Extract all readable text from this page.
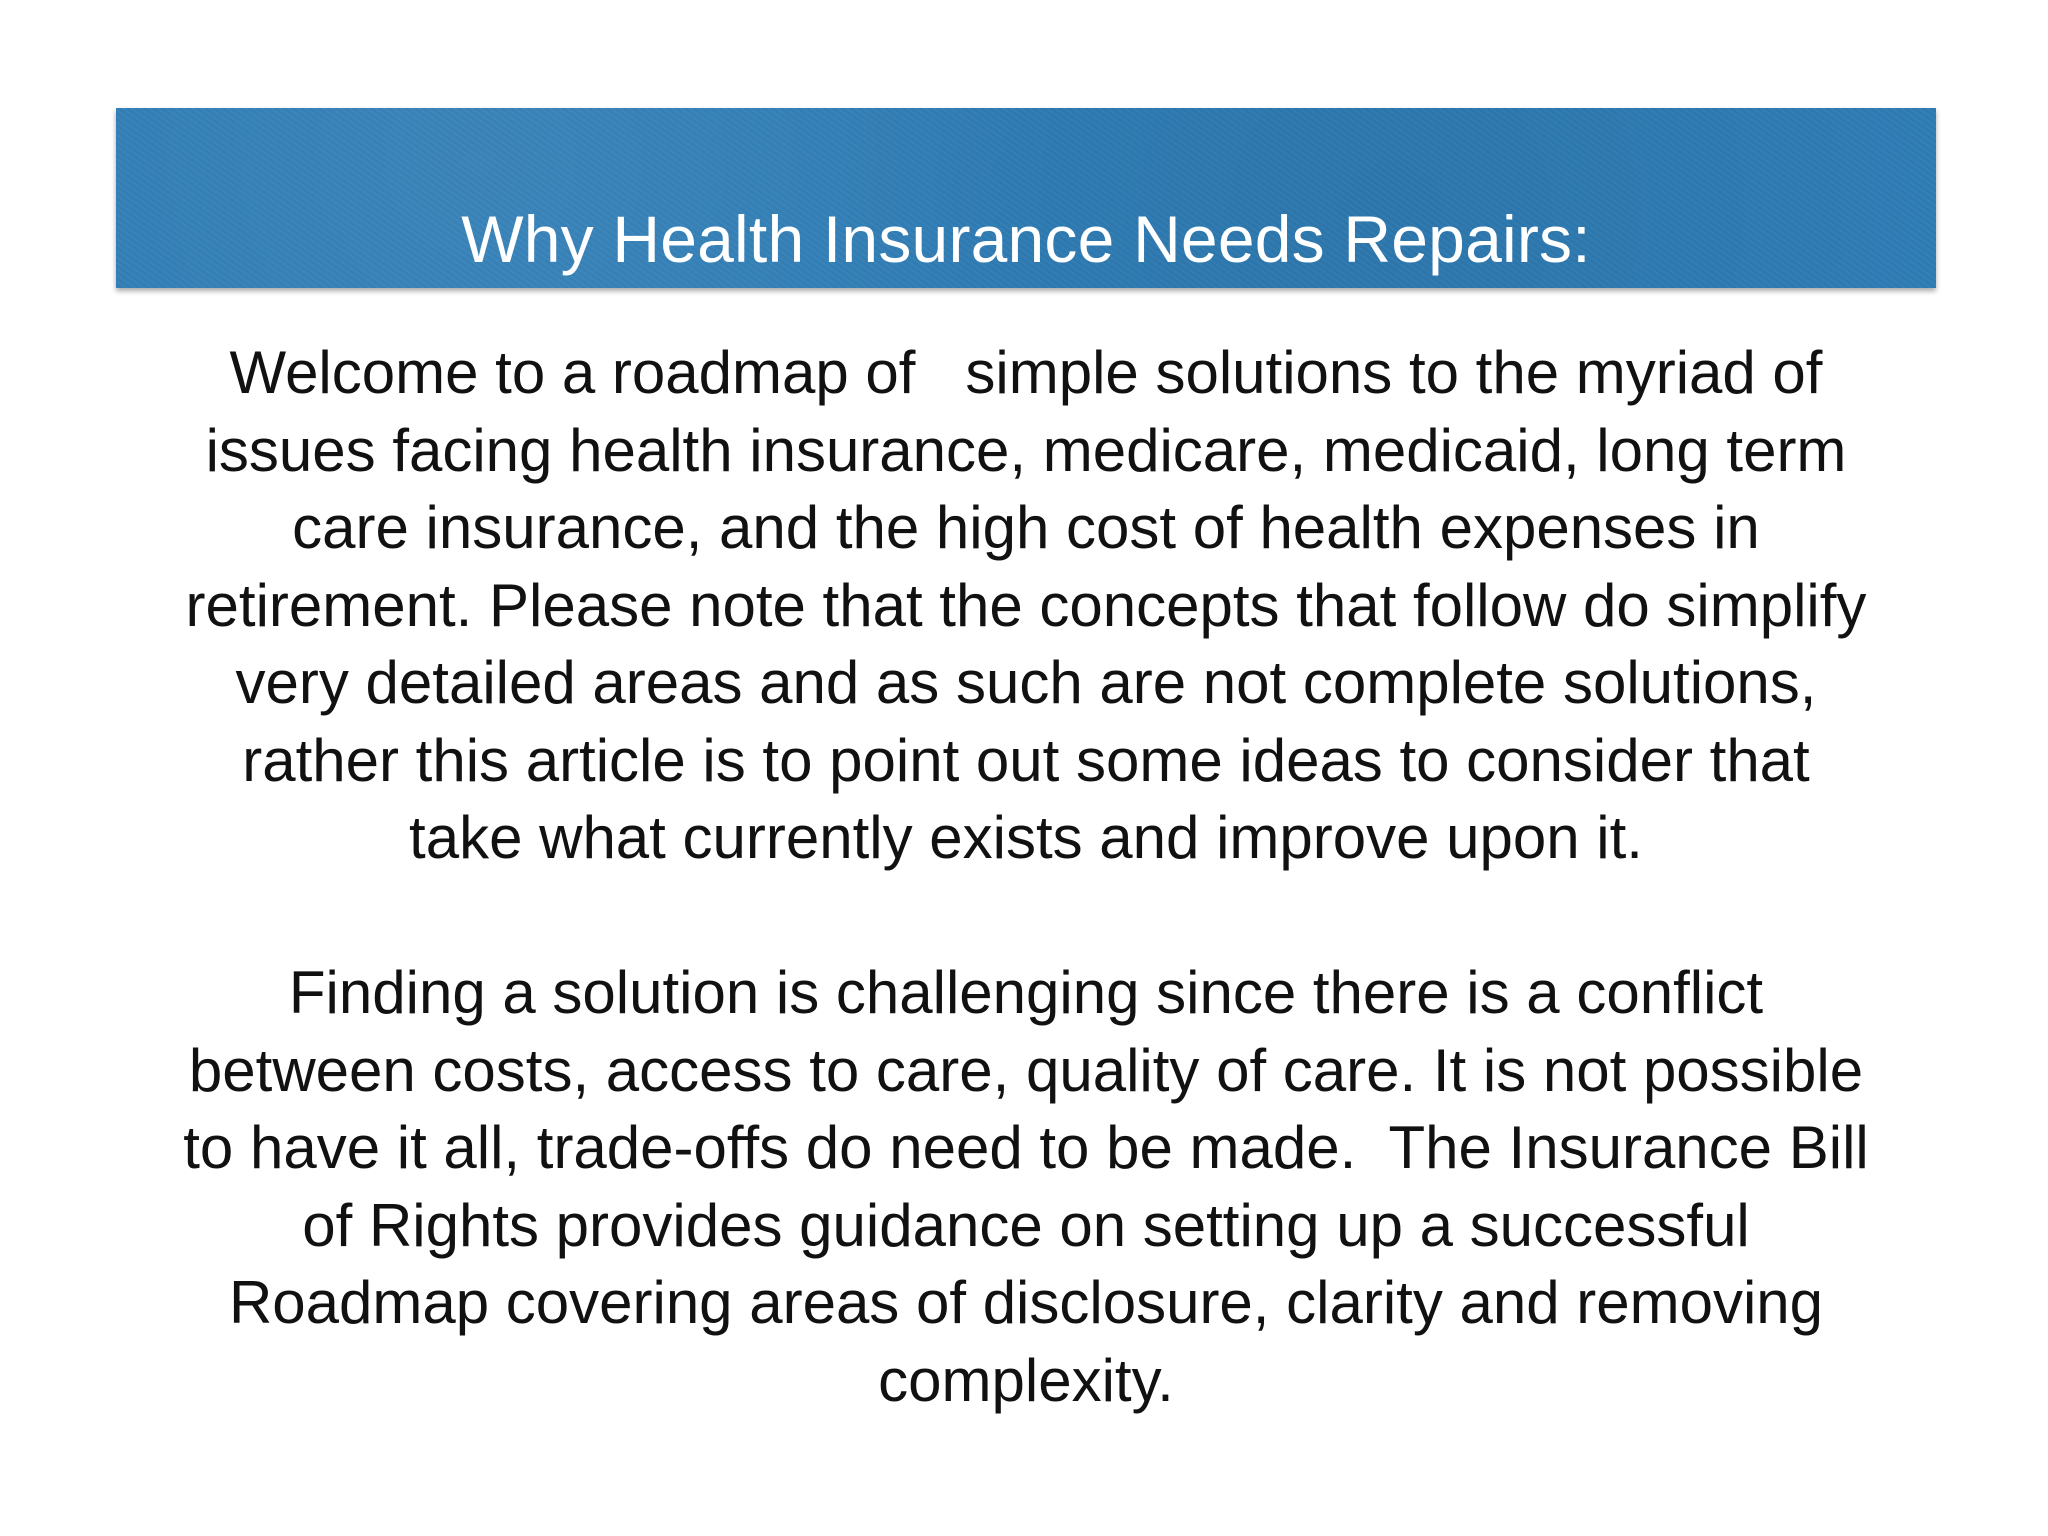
Why Health Insurance Needs Repairs:
Welcome to a roadmap of   simple solutions to the myriad of
issues facing health insurance, medicare, medicaid, long term
care insurance, and the high cost of health expenses in
retirement. Please note that the concepts that follow do simplify
very detailed areas and as such are not complete solutions,
rather this article is to point out some ideas to consider that
take what currently exists and improve upon it.
Finding a solution is challenging since there is a conflict
between costs, access to care, quality of care. It is not possible
to have it all, trade-offs do need to be made.  The Insurance Bill
of Rights provides guidance on setting up a successful
Roadmap covering areas of disclosure, clarity and removing
complexity.
